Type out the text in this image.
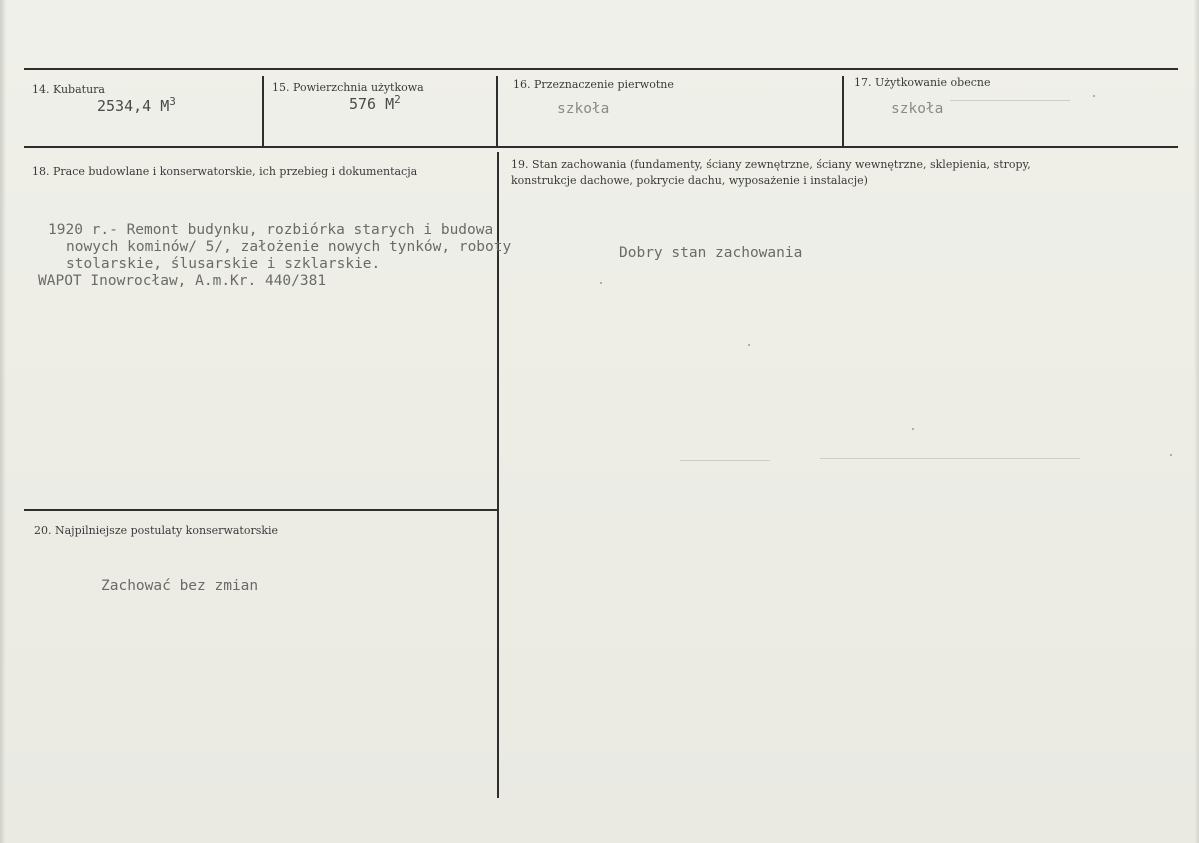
14. Kubatura
2534,4 $M^3$
15. Powierzchnia użytkowa
576 $M^2$
16. Przeznaczenie pierwotne
szkoła
17. Użytkowanie obecne
szkoła
18. Prace budowlane i konserwatorskie, ich przebieg i dokumentacja
1920 r.- Remont budynku, rozbiórka starych i budowa
nowych kominów/ 5/, założenie nowych tynków, roboty
stolarskie, ślusarskie i szklarskie.
WAPOT Inowrocław, A.m.Kr. 440/381
19. Stan zachowania (fundamenty, ściany zewnętrzne, ściany wewnętrzne, sklepienia, stropy,
konstrukcje dachowe, pokrycie dachu, wyposażenie i instalacje)
Dobry stan zachowania
20. Najpilniejsze postulaty konserwatorskie
Zachować bez zmian
